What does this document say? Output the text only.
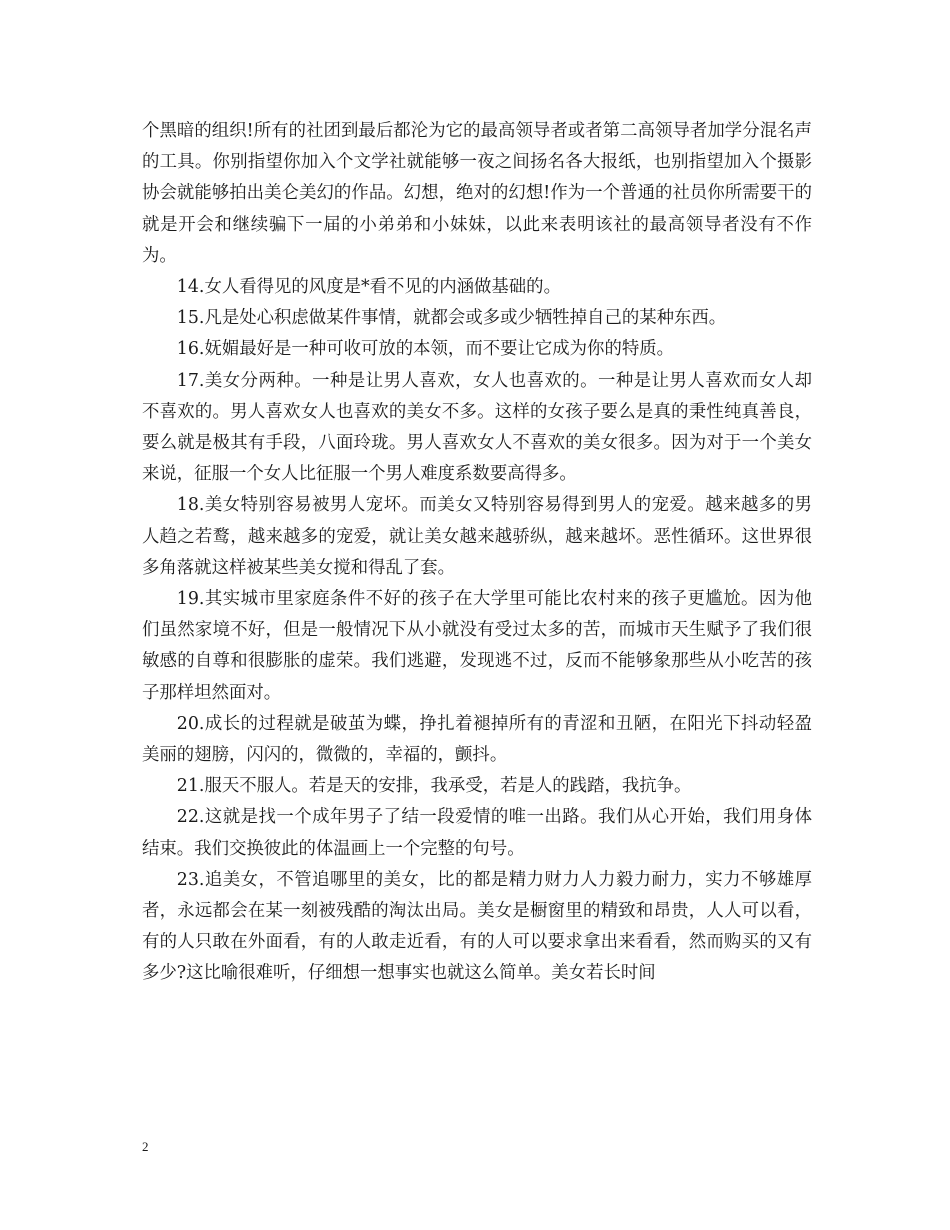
个黑暗的组织!所有的社团到最后都沦为它的最高领导者或者第二高领导者加学分混名声的工具。你别指望你加入个文学社就能够一夜之间扬名各大报纸，也别指望加入个摄影协会就能够拍出美仑美幻的作品。幻想，绝对的幻想!作为一个普通的社员你所需要干的就是开会和继续骗下一届的小弟弟和小妹妹，以此来表明该社的最高领导者没有不作为。

14.女人看得见的风度是*看不见的内涵做基础的。

15.凡是处心积虑做某件事情，就都会或多或少牺牲掉自己的某种东西。

16.妩媚最好是一种可收可放的本领，而不要让它成为你的特质。

17.美女分两种。一种是让男人喜欢，女人也喜欢的。一种是让男人喜欢而女人却不喜欢的。男人喜欢女人也喜欢的美女不多。这样的女孩子要么是真的秉性纯真善良，要么就是极其有手段，八面玲珑。男人喜欢女人不喜欢的美女很多。因为对于一个美女来说，征服一个女人比征服一个男人难度系数要高得多。

18.美女特别容易被男人宠坏。而美女又特别容易得到男人的宠爱。越来越多的男人趋之若鹜，越来越多的宠爱，就让美女越来越骄纵，越来越坏。恶性循环。这世界很多角落就这样被某些美女搅和得乱了套。

19.其实城市里家庭条件不好的孩子在大学里可能比农村来的孩子更尴尬。因为他们虽然家境不好，但是一般情况下从小就没有受过太多的苦，而城市天生赋予了我们很敏感的自尊和很膨胀的虚荣。我们逃避，发现逃不过，反而不能够象那些从小吃苦的孩子那样坦然面对。

20.成长的过程就是破茧为蝶，挣扎着褪掉所有的青涩和丑陋，在阳光下抖动轻盈美丽的翅膀，闪闪的，微微的，幸福的，颤抖。

21.服天不服人。若是天的安排，我承受，若是人的践踏，我抗争。

22.这就是找一个成年男子了结一段爱情的唯一出路。我们从心开始，我们用身体结束。我们交换彼此的体温画上一个完整的句号。

23.追美女，不管追哪里的美女，比的都是精力财力人力毅力耐力，实力不够雄厚者，永远都会在某一刻被残酷的淘汰出局。美女是橱窗里的精致和昂贵，人人可以看，有的人只敢在外面看，有的人敢走近看，有的人可以要求拿出来看看，然而购买的又有多少?这比喻很难听，仔细想一想事实也就这么简单。美女若长时间

2
